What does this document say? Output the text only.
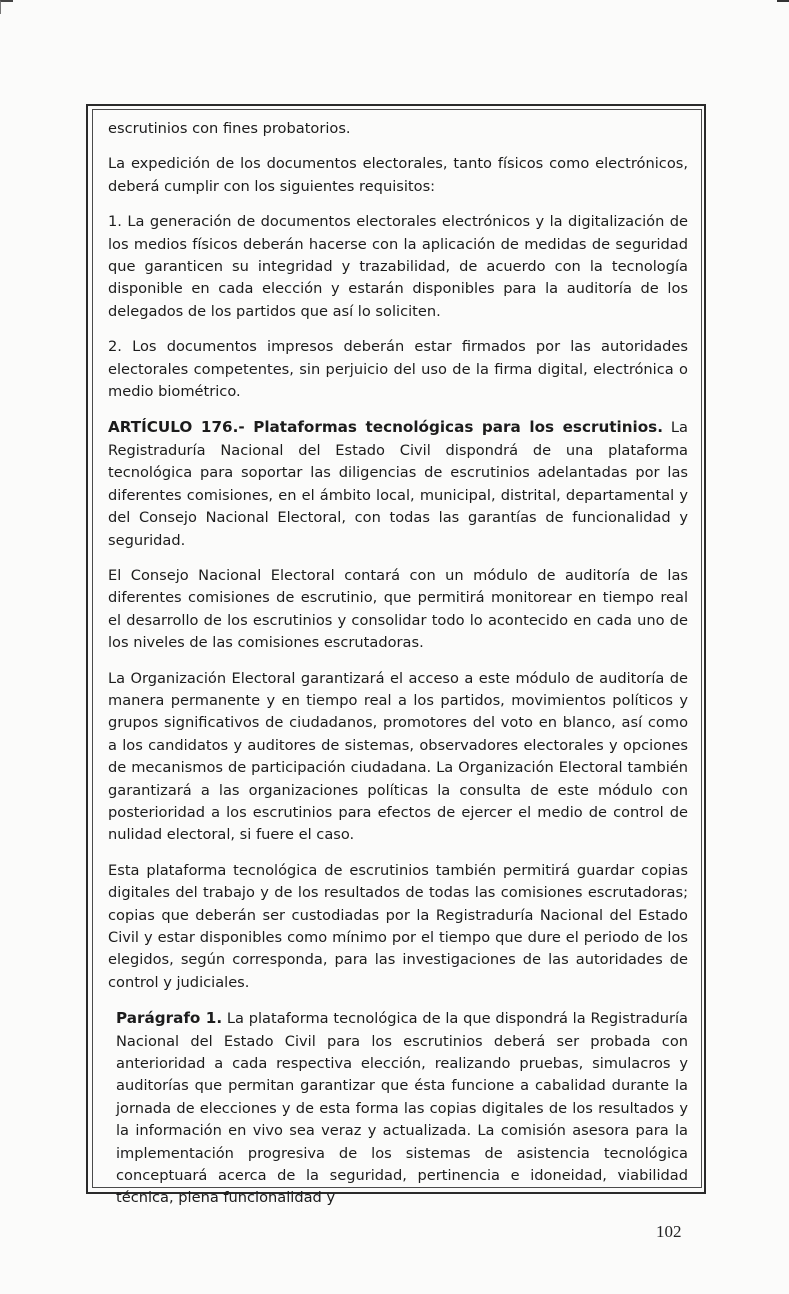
escrutinios con fines probatorios.

La expedición de los documentos electorales, tanto físicos como electrónicos, deberá cumplir con los siguientes requisitos:

1. La generación de documentos electorales electrónicos y la digitalización de los medios físicos deberán hacerse con la aplicación de medidas de seguridad que garanticen su integridad y trazabilidad, de acuerdo con la tecnología disponible en cada elección y estarán disponibles para la auditoría de los delegados de los partidos que así lo soliciten.

2. Los documentos impresos deberán estar firmados por las autoridades electorales competentes, sin perjuicio del uso de la firma digital, electrónica o medio biométrico.

ARTÍCULO 176.- Plataformas tecnológicas para los escrutinios. La Registraduría Nacional del Estado Civil dispondrá de una plataforma tecnológica para soportar las diligencias de escrutinios adelantadas por las diferentes comisiones, en el ámbito local, municipal, distrital, departamental y del Consejo Nacional Electoral, con todas las garantías de funcionalidad y seguridad.

El Consejo Nacional Electoral contará con un módulo de auditoría de las diferentes comisiones de escrutinio, que permitirá monitorear en tiempo real el desarrollo de los escrutinios y consolidar todo lo acontecido en cada uno de los niveles de las comisiones escrutadoras.

La Organización Electoral garantizará el acceso a este módulo de auditoría de manera permanente y en tiempo real a los partidos, movimientos políticos y grupos significativos de ciudadanos, promotores del voto en blanco, así como a los candidatos y auditores de sistemas, observadores electorales y opciones de mecanismos de participación ciudadana. La Organización Electoral también garantizará a las organizaciones políticas la consulta de este módulo con posterioridad a los escrutinios para efectos de ejercer el medio de control de nulidad electoral, si fuere el caso.

Esta plataforma tecnológica de escrutinios también permitirá guardar copias digitales del trabajo y de los resultados de todas las comisiones escrutadoras; copias que deberán ser custodiadas por la Registraduría Nacional del Estado Civil y estar disponibles como mínimo por el tiempo que dure el periodo de los elegidos, según corresponda, para las investigaciones de las autoridades de control y judiciales.

Parágrafo 1. La plataforma tecnológica de la que dispondrá la Registraduría Nacional del Estado Civil para los escrutinios deberá ser probada con anterioridad a cada respectiva elección, realizando pruebas, simulacros y auditorías que permitan garantizar que ésta funcione a cabalidad durante la jornada de elecciones y de esta forma las copias digitales de los resultados y la información en vivo sea veraz y actualizada. La comisión asesora para la implementación progresiva de los sistemas de asistencia tecnológica conceptuará acerca de la seguridad, pertinencia e idoneidad, viabilidad técnica, plena funcionalidad y

102
